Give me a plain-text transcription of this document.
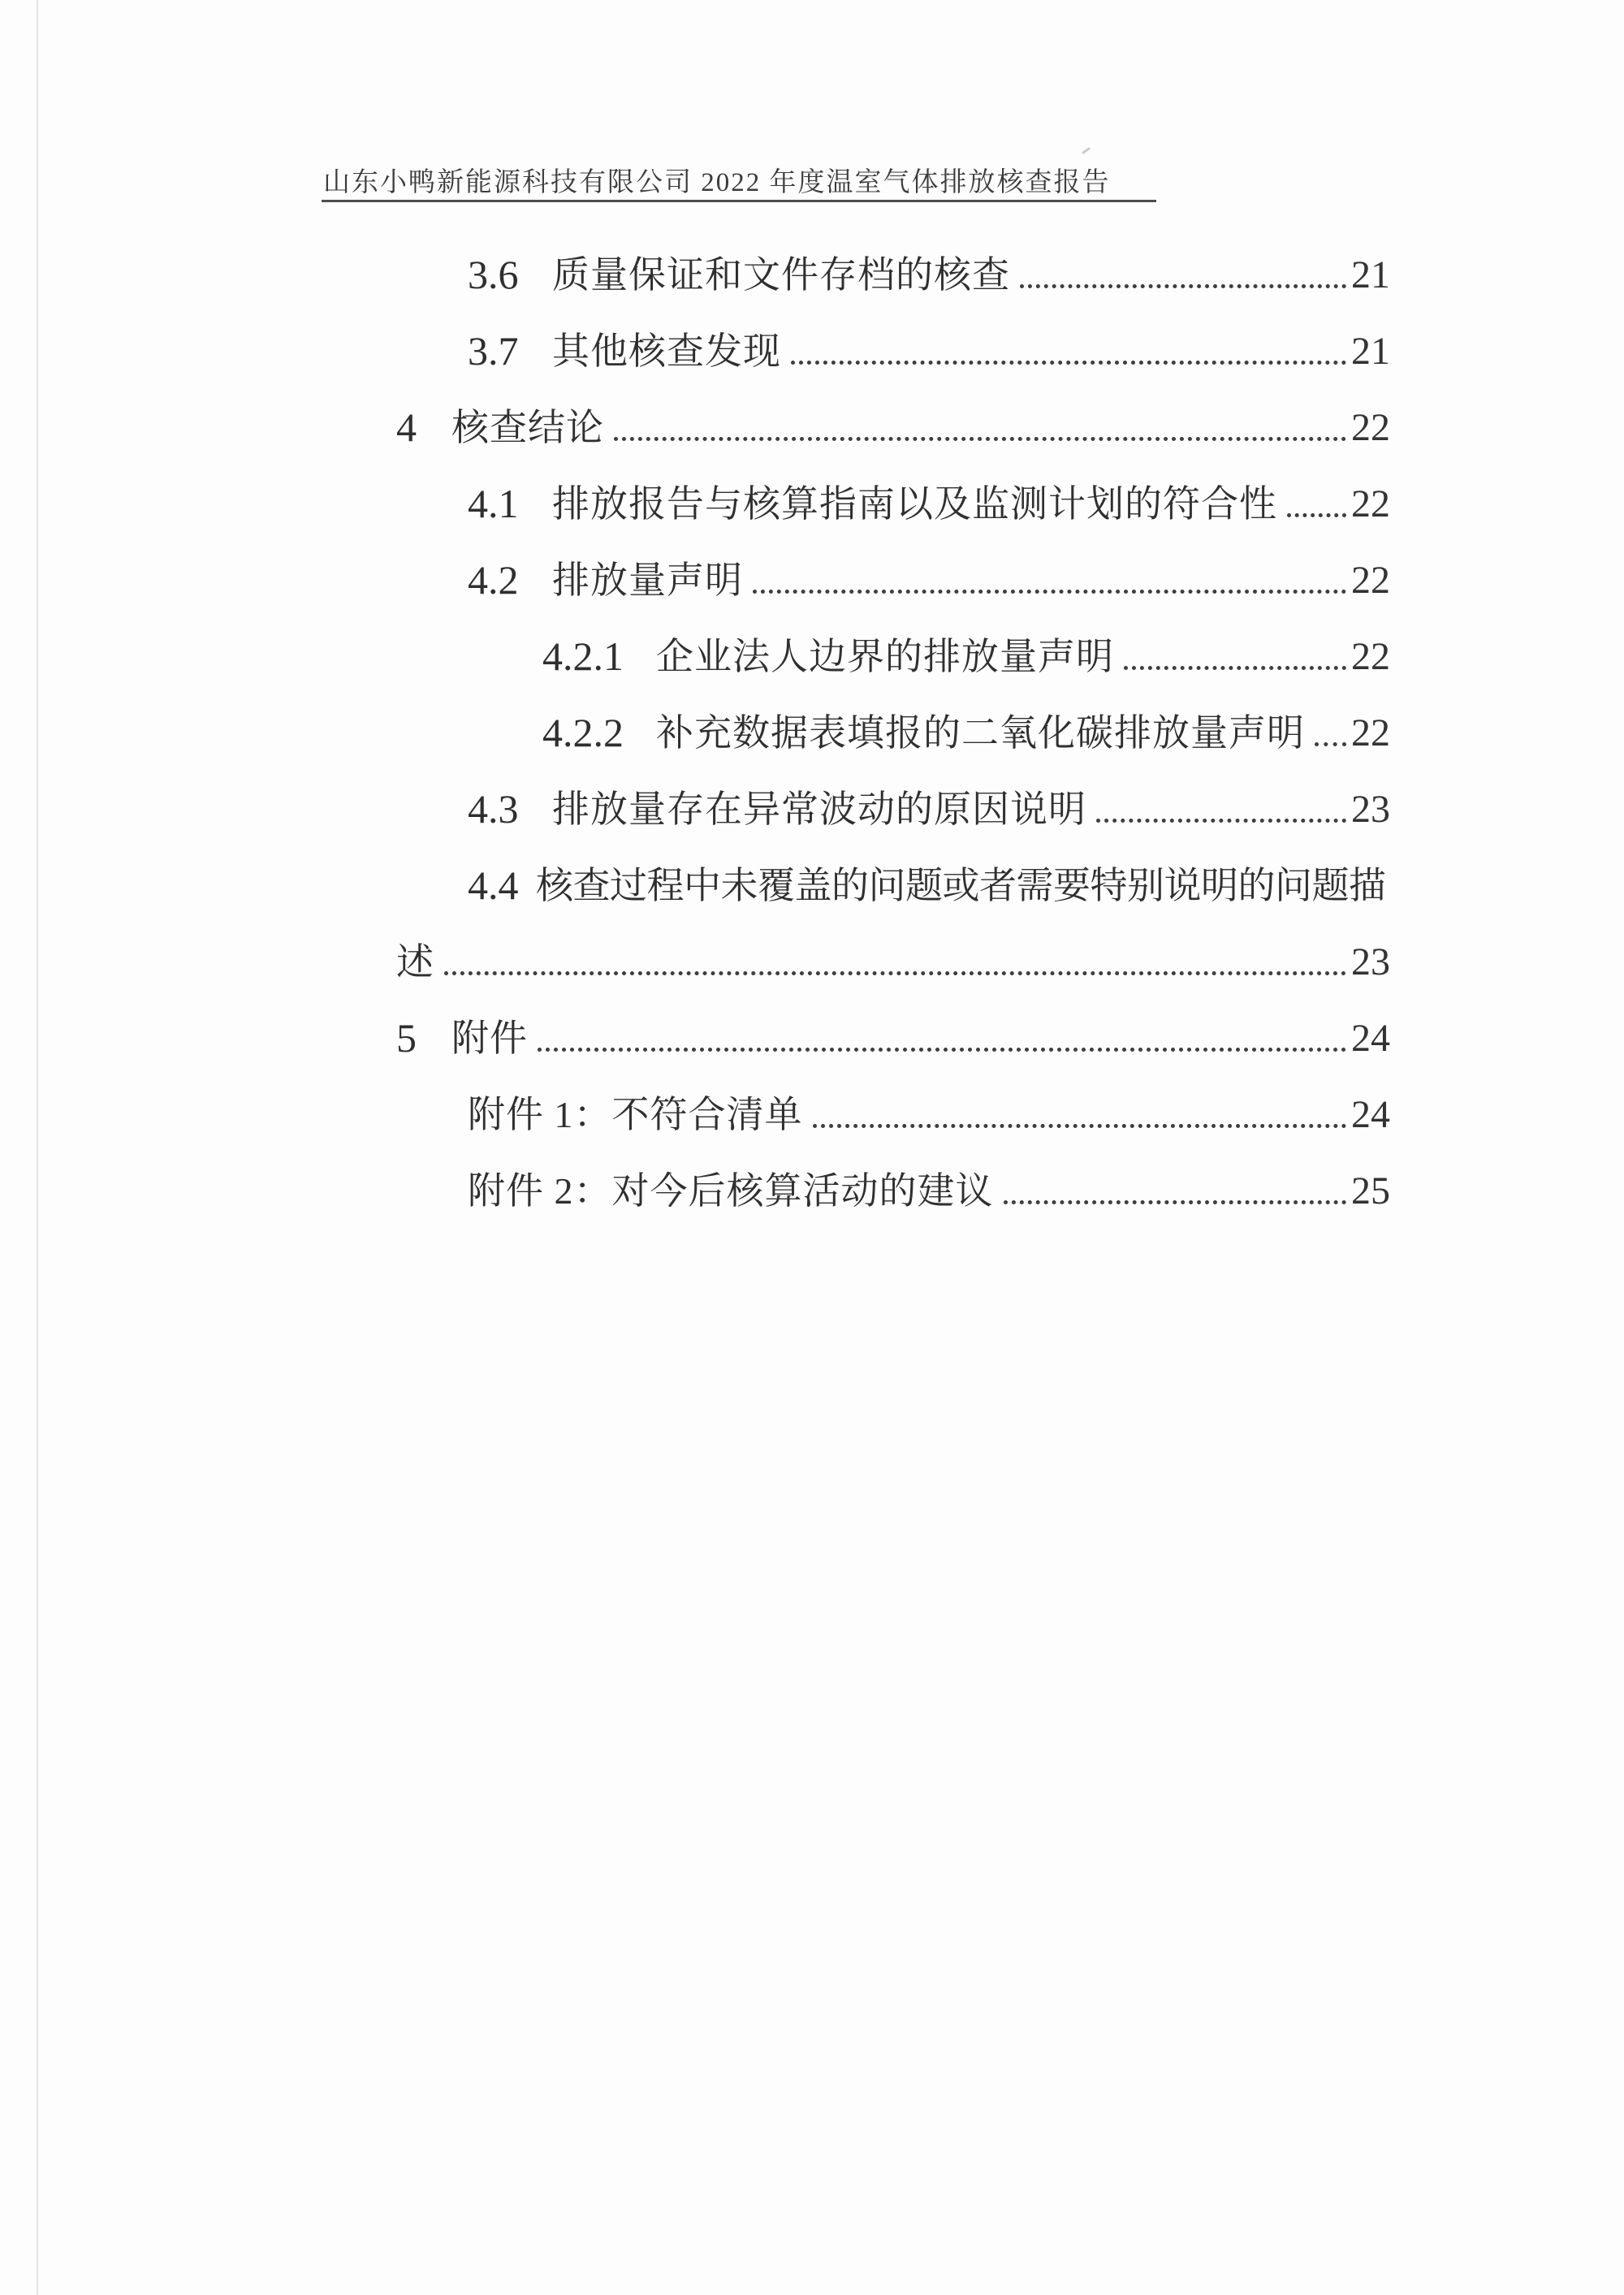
山东小鸭新能源科技有限公司 2022 年度温室气体排放核查报告
3.6 质量保证和文件存档的核查	21
3.7 其他核查发现	21
4 核查结论	22
4.1 排放报告与核算指南以及监测计划的符合性 22
4.2 排放量声明	22
4.2.1 企业法人边界的排放量声明	22
4.2.2 补充数据表填报的二氧化碳排放量声明 22
4.3 排放量存在异常波动的原因说明	23
4.4 核查过程中未覆盖的问题或者需要特别说明的问题描
述	23
5 附件	24
附件 1：不符合清单	24
附件 2：对今后核算活动的建议	25
